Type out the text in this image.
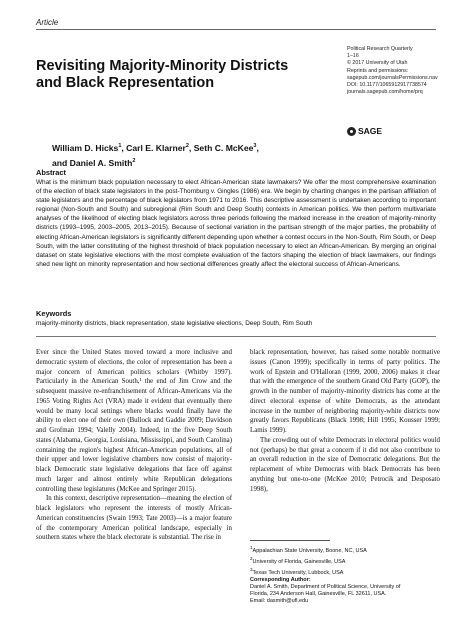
Article
Revisiting Majority-Minority Districts and Black Representation
Political Research Quarterly
1–16
© 2017 University of Utah
Reprints and permissions:
sagepub.com/journalsPermissions.nav
DOI: 10.1177/1065912917738574
journals.sagepub.com/home/prq
SAGE
William D. Hicks$^1$, Carl E. Klarner$^2$, Seth C. McKee$^3$,
and Daniel A. Smith$^2$
Abstract
What is the minimum black population necessary to elect African-American state lawmakers? We offer the most comprehensive examination of the election of black state legislators in the post-Thornburg v. Gingles (1986) era. We begin by charting changes in the partisan affiliation of state legislators and the percentage of black legislators from 1971 to 2016. This descriptive assessment is undertaken according to important regional (Non-South and South) and subregional (Rim South and Deep South) contexts in American politics. We then perform multivariate analyses of the likelihood of electing black legislators across three periods following the marked increase in the creation of majority-minority districts (1993–1995, 2003–2005, 2013–2015). Because of sectional variation in the partisan strength of the major parties, the probability of electing African-American legislators is significantly different depending upon whether a contest occurs in the Non-South, Rim South, or Deep South, with the latter constituting of the highest threshold of black population necessary to elect an African-American. By merging an original dataset on state legislative elections with the most complete evaluation of the factors shaping the election of black lawmakers, our findings shed new light on minority representation and how sectional differences greatly affect the electoral success of African-Americans.
Keywords
majority-minority districts, black representation, state legislative elections, Deep South, Rim South

Ever since the United States moved toward a more inclusive and democratic system of elections, the color of representation has been a major concern of American politics scholars (Whitby 1997). Particularly in the American South,¹ the end of Jim Crow and the subsequent massive re-enfranchisement of African-Americans via the 1965 Voting Rights Act (VRA) made it evident that eventually there would be many local settings where blacks would finally have the ability to elect one of their own (Bullock and Gaddie 2009; Davidson and Grofman 1994; Valelly 2004). Indeed, in the five Deep South states (Alabama, Georgia, Louisiana, Mississippi, and South Carolina) containing the region's highest African-American populations, all of their upper and lower legislative chambers now consist of majority-black Democratic state legislative delegations that face off against much larger and almost entirely white Republican delegations controlling these legislatures (McKee and Springer 2015).

In this context, descriptive representation—meaning the election of black legislators who represent the interests of mostly African-American constituencies (Swain 1993; Tate 2003)—is a major feature of the contemporary American political landscape, especially in southern states where the black electorate is substantial. The rise in

black representation, however, has raised some notable normative issues (Canon 1999); specifically in terms of party politics. The work of Epstein and O'Halloran (1999, 2000, 2006) makes it clear that with the emergence of the southern Grand Old Party (GOP), the growth in the number of majority-minority districts has come at the direct electoral expense of white Democrats, as the attendant increase in the number of neighboring majority-white districts now greatly favors Republicans (Black 1998; Hill 1995; Kousser 1999; Lamis 1999).

The crowding out of white Democrats in electoral politics would not (perhaps) be that great a concern if it did not also contribute to an overall reduction in the size of Democratic delegations. But the replacement of white Democrats with black Democrats has been anything but one-to-one (McKee 2010; Petrocik and Desposato 1998),

$^1$Appalachian State University, Boone, NC, USA
$^2$University of Florida, Gainesville, USA
$^3$Texas Tech University, Lubbock, USA
Corresponding Author:
Daniel A. Smith, Department of Political Science, University of
Florida, 234 Anderson Hall, Gainesville, FL 32611, USA.
Email: dasmith@ufl.edu
